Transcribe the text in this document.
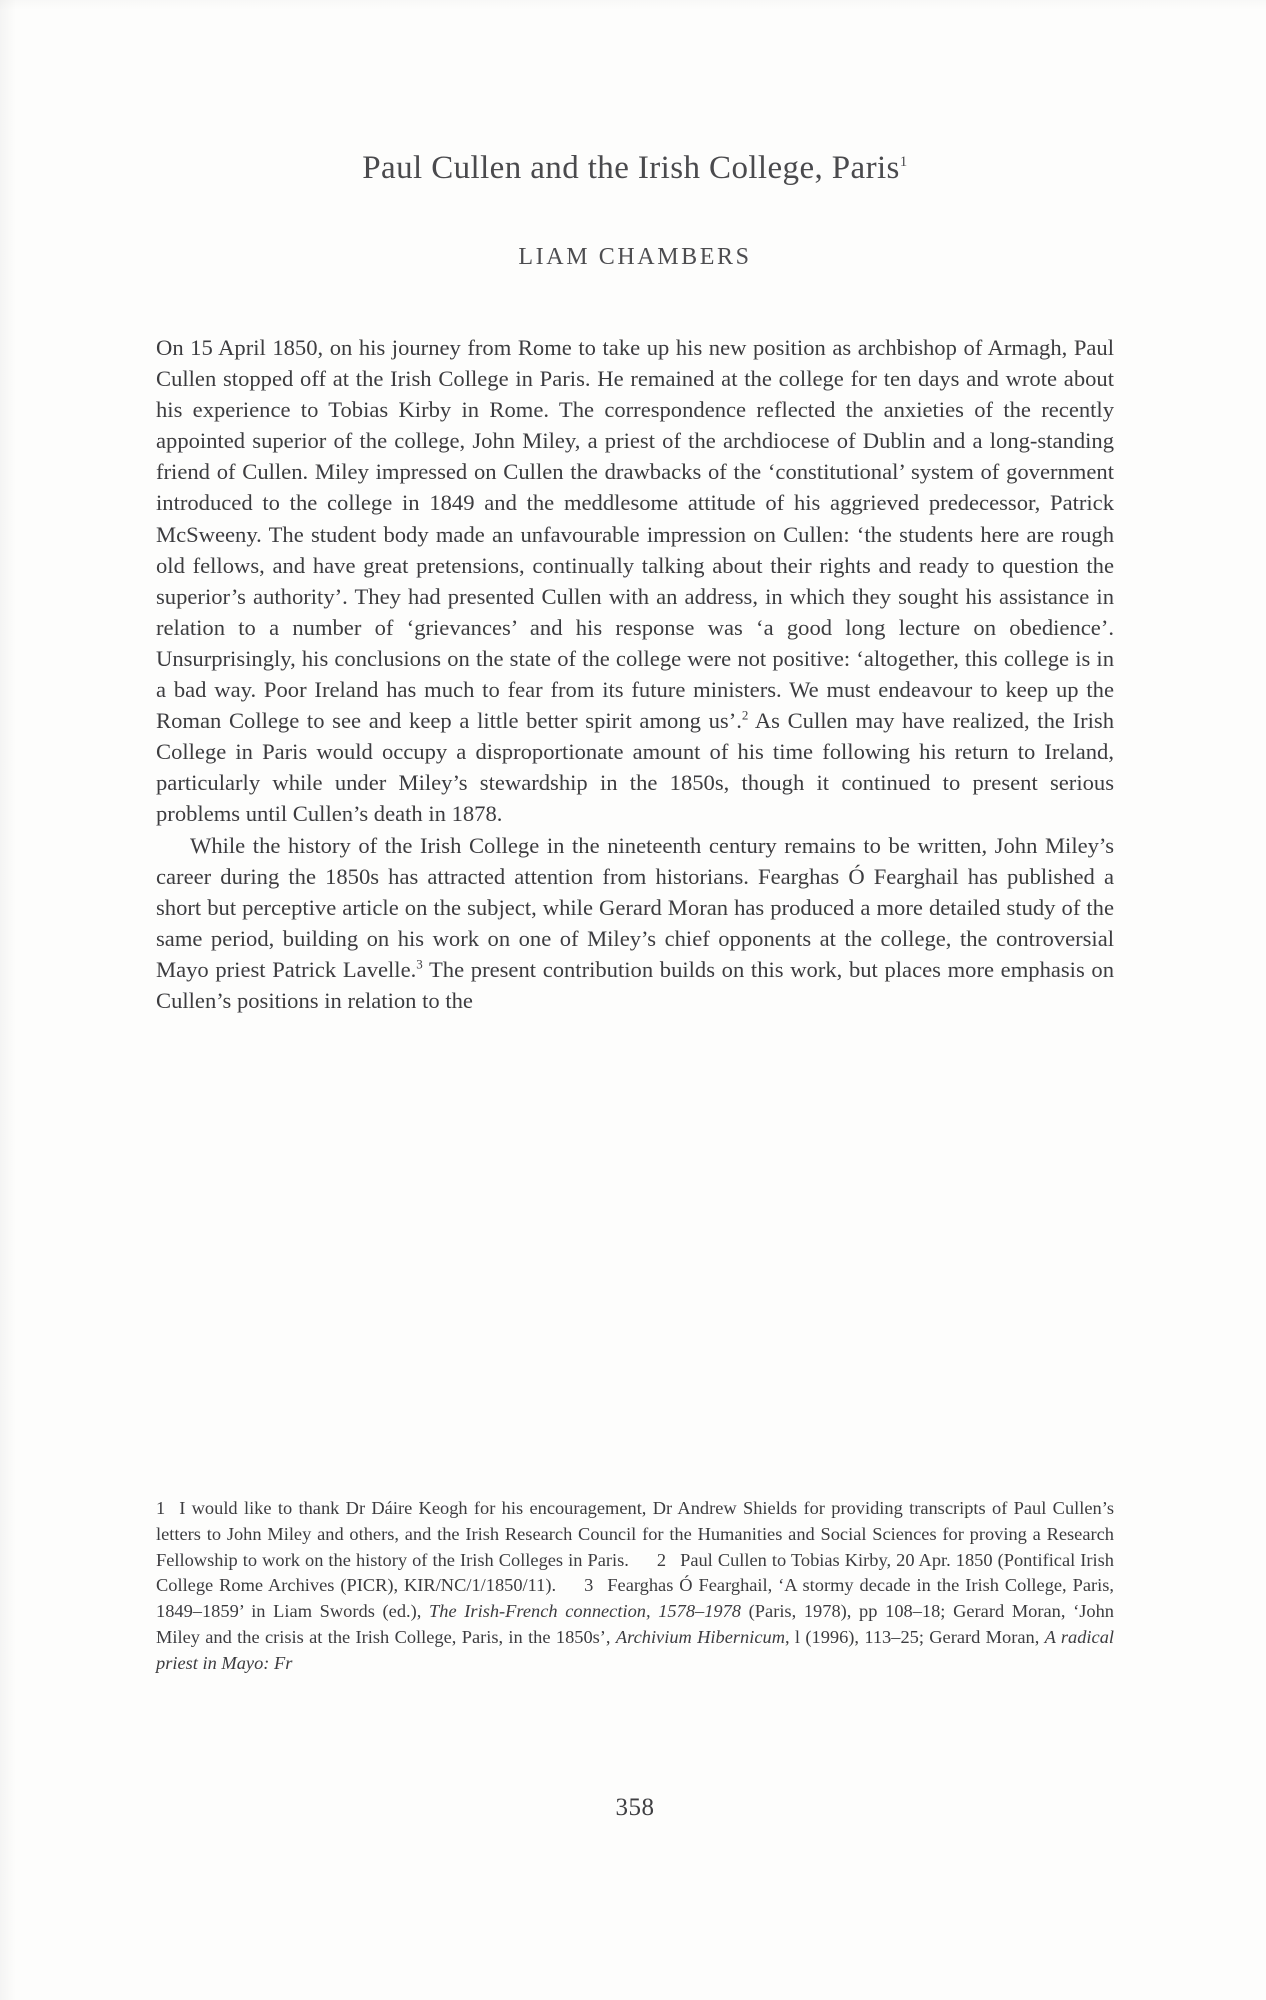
Paul Cullen and the Irish College, Paris$^1$
LIAM CHAMBERS

On 15 April 1850, on his journey from Rome to take up his new position as archbishop of Armagh, Paul Cullen stopped off at the Irish College in Paris. He remained at the college for ten days and wrote about his experience to Tobias Kirby in Rome. The correspondence reflected the anxieties of the recently appointed superior of the college, John Miley, a priest of the archdiocese of Dublin and a long-standing friend of Cullen. Miley impressed on Cullen the drawbacks of the ‘constitutional’ system of government introduced to the college in 1849 and the meddlesome attitude of his aggrieved predecessor, Patrick McSweeny. The student body made an unfavourable impression on Cullen: ‘the students here are rough old fellows, and have great pretensions, continually talking about their rights and ready to question the superior’s authority’. They had presented Cullen with an address, in which they sought his assistance in relation to a number of ‘grievances’ and his response was ‘a good long lecture on obedience’. Unsurprisingly, his conclusions on the state of the college were not positive: ‘altogether, this college is in a bad way. Poor Ireland has much to fear from its future ministers. We must endeavour to keep up the Roman College to see and keep a little better spirit among us’.$^2$ As Cullen may have realized, the Irish College in Paris would occupy a disproportionate amount of his time following his return to Ireland, particularly while under Miley’s stewardship in the 1850s, though it continued to present serious problems until Cullen’s death in 1878.

While the history of the Irish College in the nineteenth century remains to be written, John Miley’s career during the 1850s has attracted attention from historians. Fearghas Ó Fearghail has published a short but perceptive article on the subject, while Gerard Moran has produced a more detailed study of the same period, building on his work on one of Miley’s chief opponents at the college, the controversial Mayo priest Patrick Lavelle.$^3$ The present contribution builds on this work, but places more emphasis on Cullen’s positions in relation to the

1 I would like to thank Dr Dáire Keogh for his encouragement, Dr Andrew Shields for providing transcripts of Paul Cullen’s letters to John Miley and others, and the Irish Research Council for the Humanities and Social Sciences for proving a Research Fellowship to work on the history of the Irish Colleges in Paris. 2 Paul Cullen to Tobias Kirby, 20 Apr. 1850 (Pontifical Irish College Rome Archives (PICR), KIR/NC/1/1850/11). 3 Fearghas Ó Fearghail, ‘A stormy decade in the Irish College, Paris, 1849–1859’ in Liam Swords (ed.), The Irish-French connection, 1578–1978 (Paris, 1978), pp 108–18; Gerard Moran, ‘John Miley and the crisis at the Irish College, Paris, in the 1850s’, Archivium Hibernicum, l (1996), 113–25; Gerard Moran, A radical priest in Mayo: Fr

358
